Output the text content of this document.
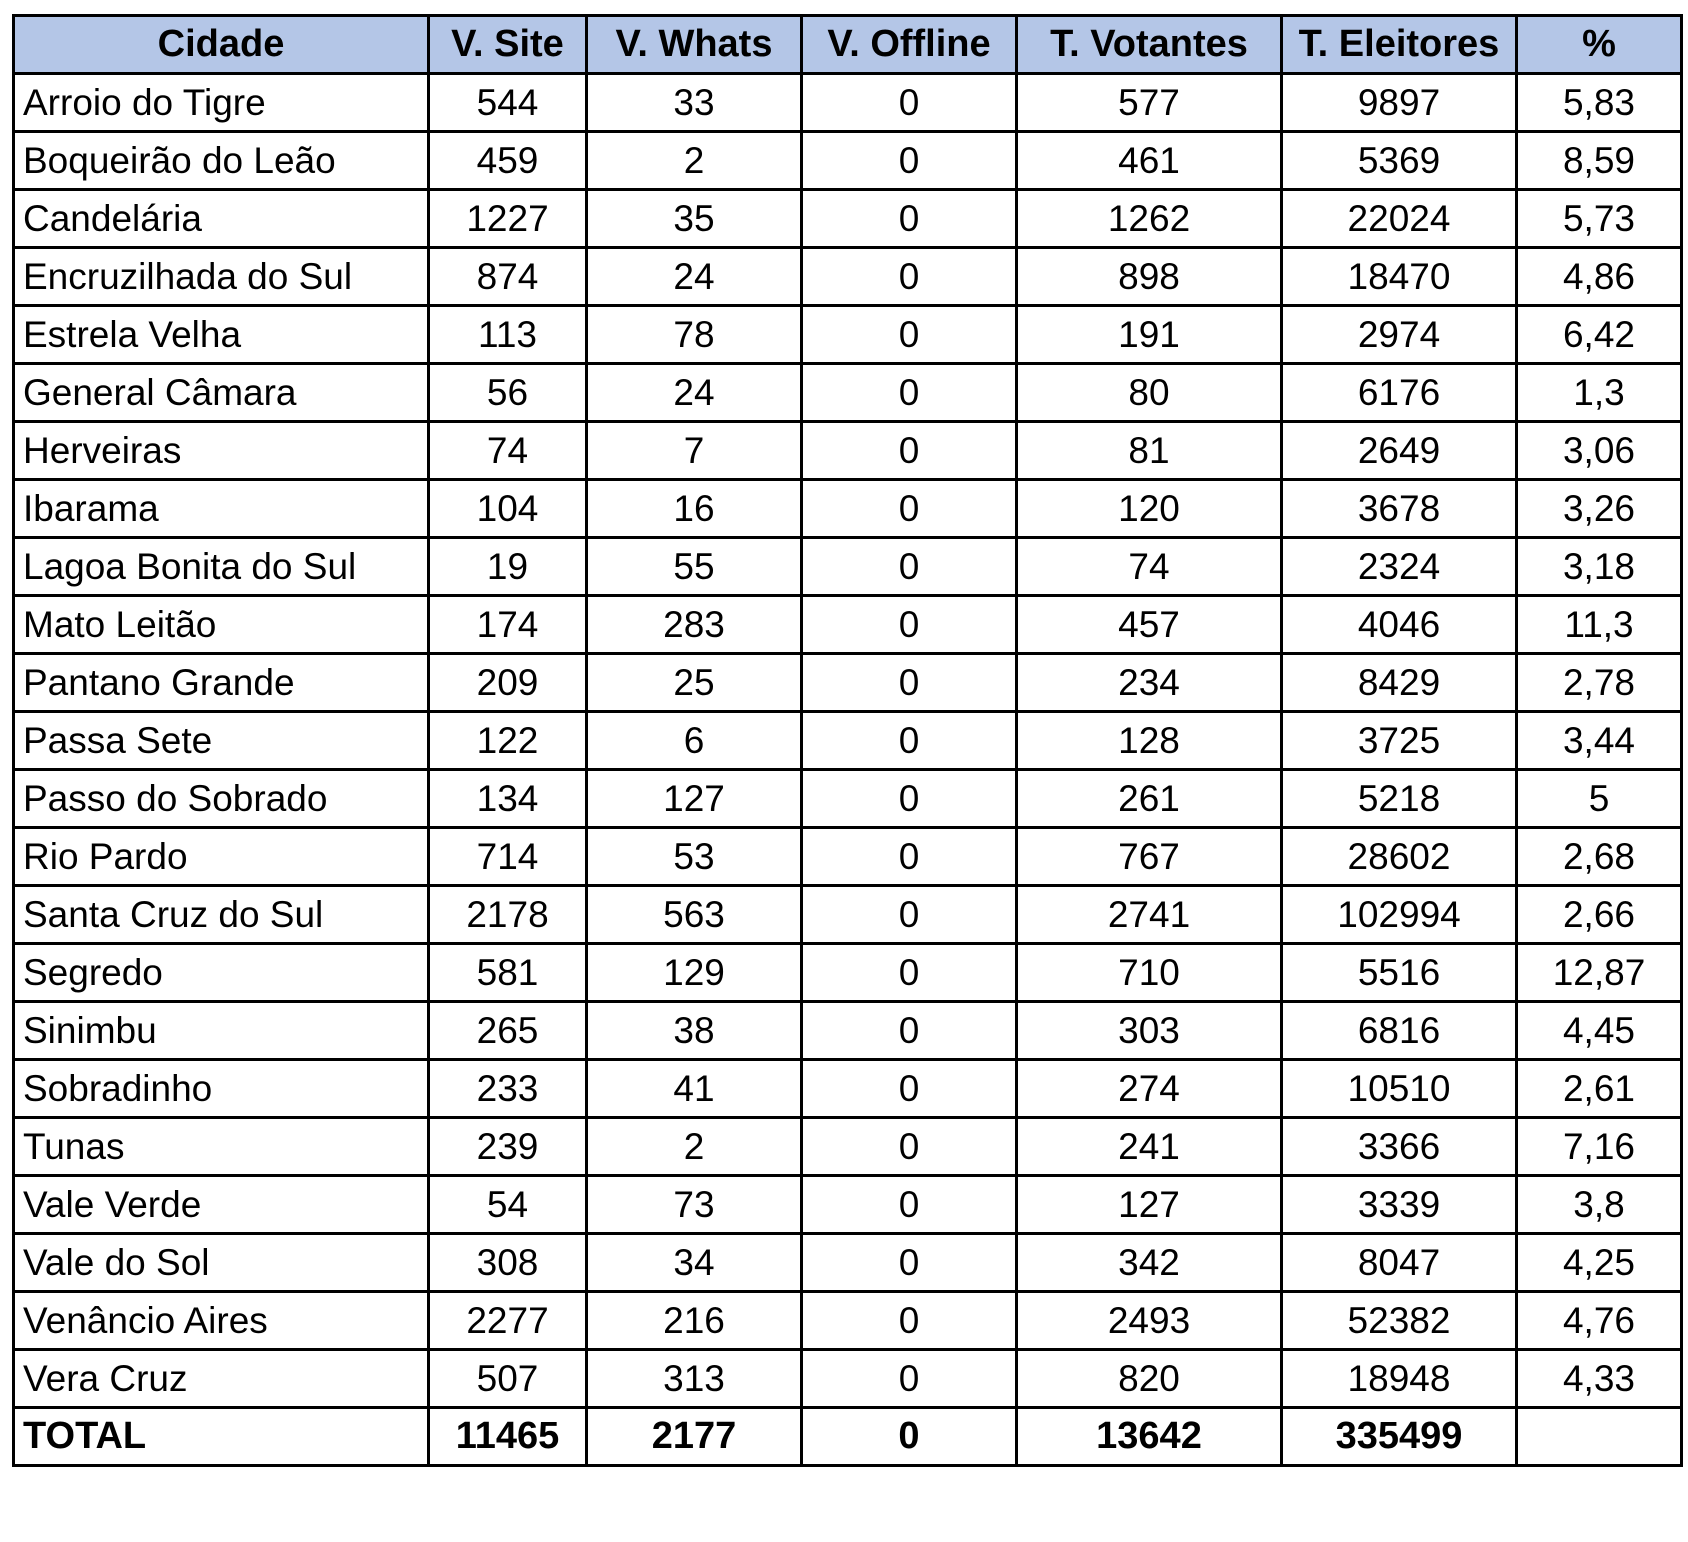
Cidade	V. Site	V. Whats	V. Offline	T. Votantes	T. Eleitores	%
Arroio do Tigre	544	33	0	577	9897	5,83
Boqueirão do Leão	459	2	0	461	5369	8,59
Candelária	1227	35	0	1262	22024	5,73
Encruzilhada do Sul	874	24	0	898	18470	4,86
Estrela Velha	113	78	0	191	2974	6,42
General Câmara	56	24	0	80	6176	1,3
Herveiras	74	7	0	81	2649	3,06
Ibarama	104	16	0	120	3678	3,26
Lagoa Bonita do Sul	19	55	0	74	2324	3,18
Mato Leitão	174	283	0	457	4046	11,3
Pantano Grande	209	25	0	234	8429	2,78
Passa Sete	122	6	0	128	3725	3,44
Passo do Sobrado	134	127	0	261	5218	5
Rio Pardo	714	53	0	767	28602	2,68
Santa Cruz do Sul	2178	563	0	2741	102994	2,66
Segredo	581	129	0	710	5516	12,87
Sinimbu	265	38	0	303	6816	4,45
Sobradinho	233	41	0	274	10510	2,61
Tunas	239	2	0	241	3366	7,16
Vale Verde	54	73	0	127	3339	3,8
Vale do Sol	308	34	0	342	8047	4,25
Venâncio Aires	2277	216	0	2493	52382	4,76
Vera Cruz	507	313	0	820	18948	4,33
TOTAL	11465	2177	0	13642	335499	
